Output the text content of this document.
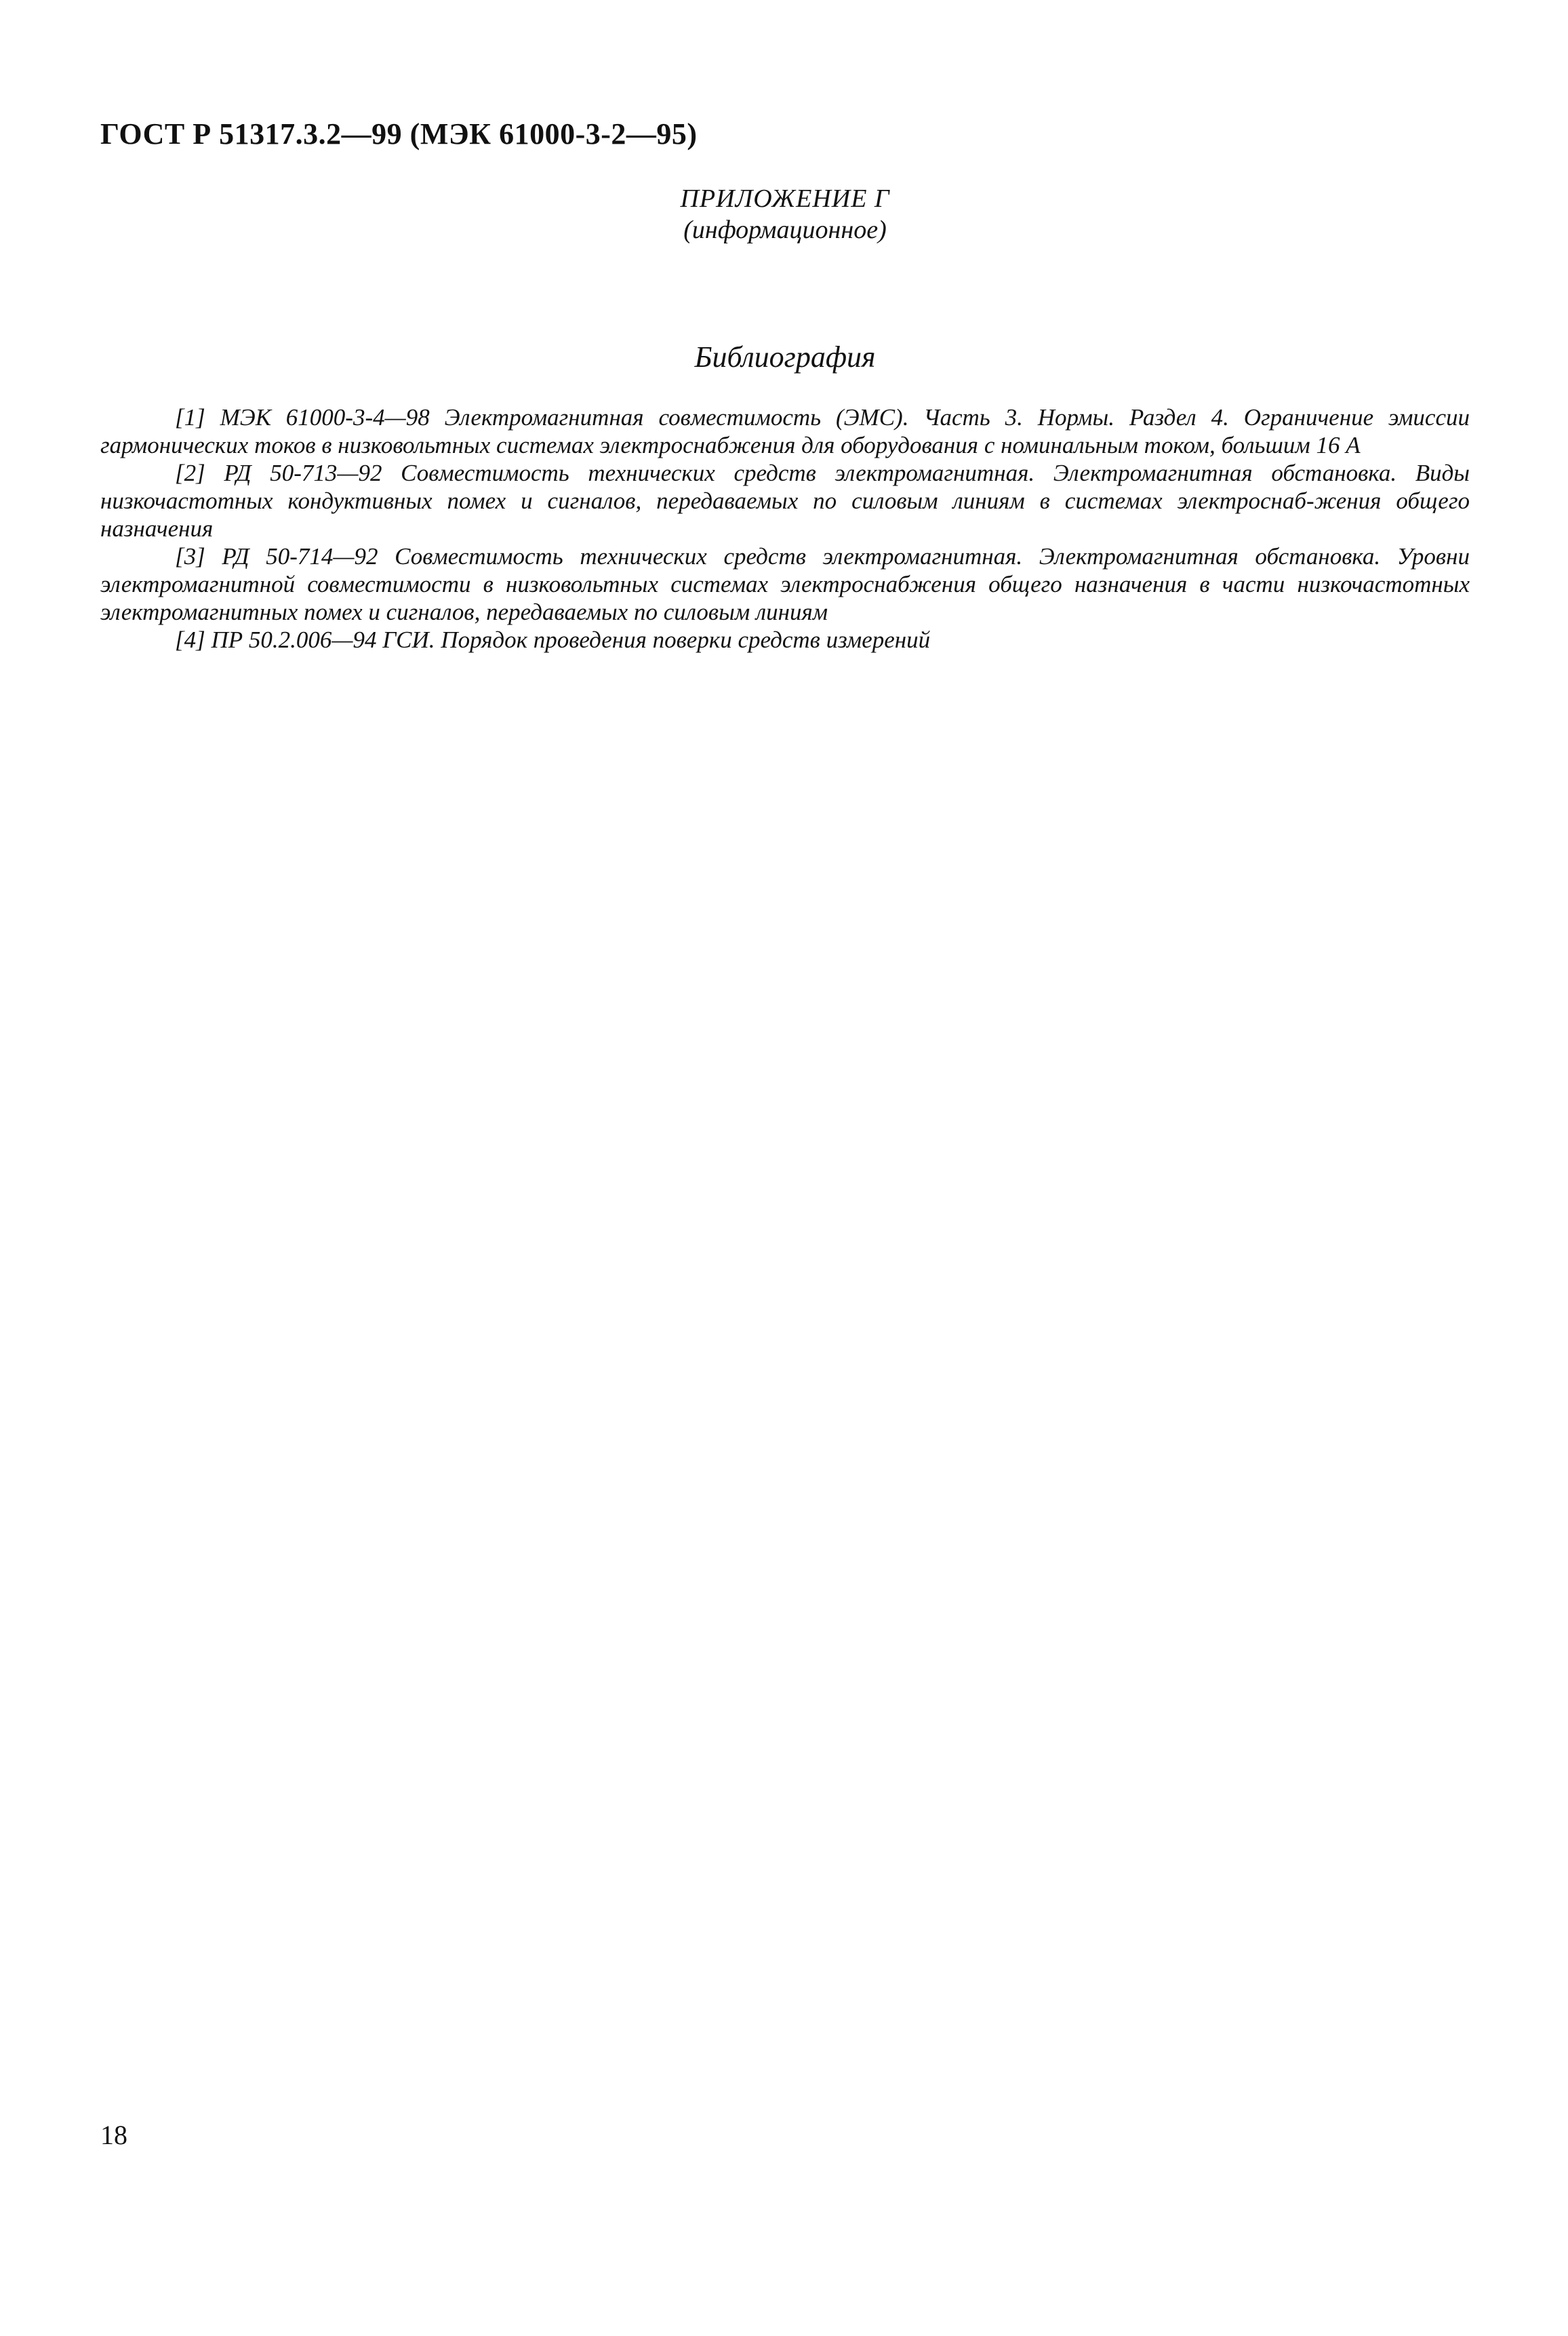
ГОСТ Р 51317.3.2—99 (МЭК 61000-3-2—95)
ПРИЛОЖЕНИЕ Г
(информационное)
Библиография
[1] МЭК 61000-3-4—98 Электромагнитная совместимость (ЭМС). Часть 3. Нормы. Раздел 4. Ограничение эмиссии гармонических токов в низковольтных системах электроснабжения для оборудования с номинальным током, большим 16 А
[2] РД 50-713—92 Совместимость технических средств электромагнитная. Электромагнитная обстановка. Виды низкочастотных кондуктивных помех и сигналов, передаваемых по силовым линиям в системах электроснаб-жения общего назначения
[3] РД 50-714—92 Совместимость технических средств электромагнитная. Электромагнитная обстановка. Уровни электромагнитной совместимости в низковольтных системах электроснабжения общего назначения в части низкочастотных электромагнитных помех и сигналов, передаваемых по силовым линиям
[4] ПР 50.2.006—94 ГСИ. Порядок проведения поверки средств измерений
18
